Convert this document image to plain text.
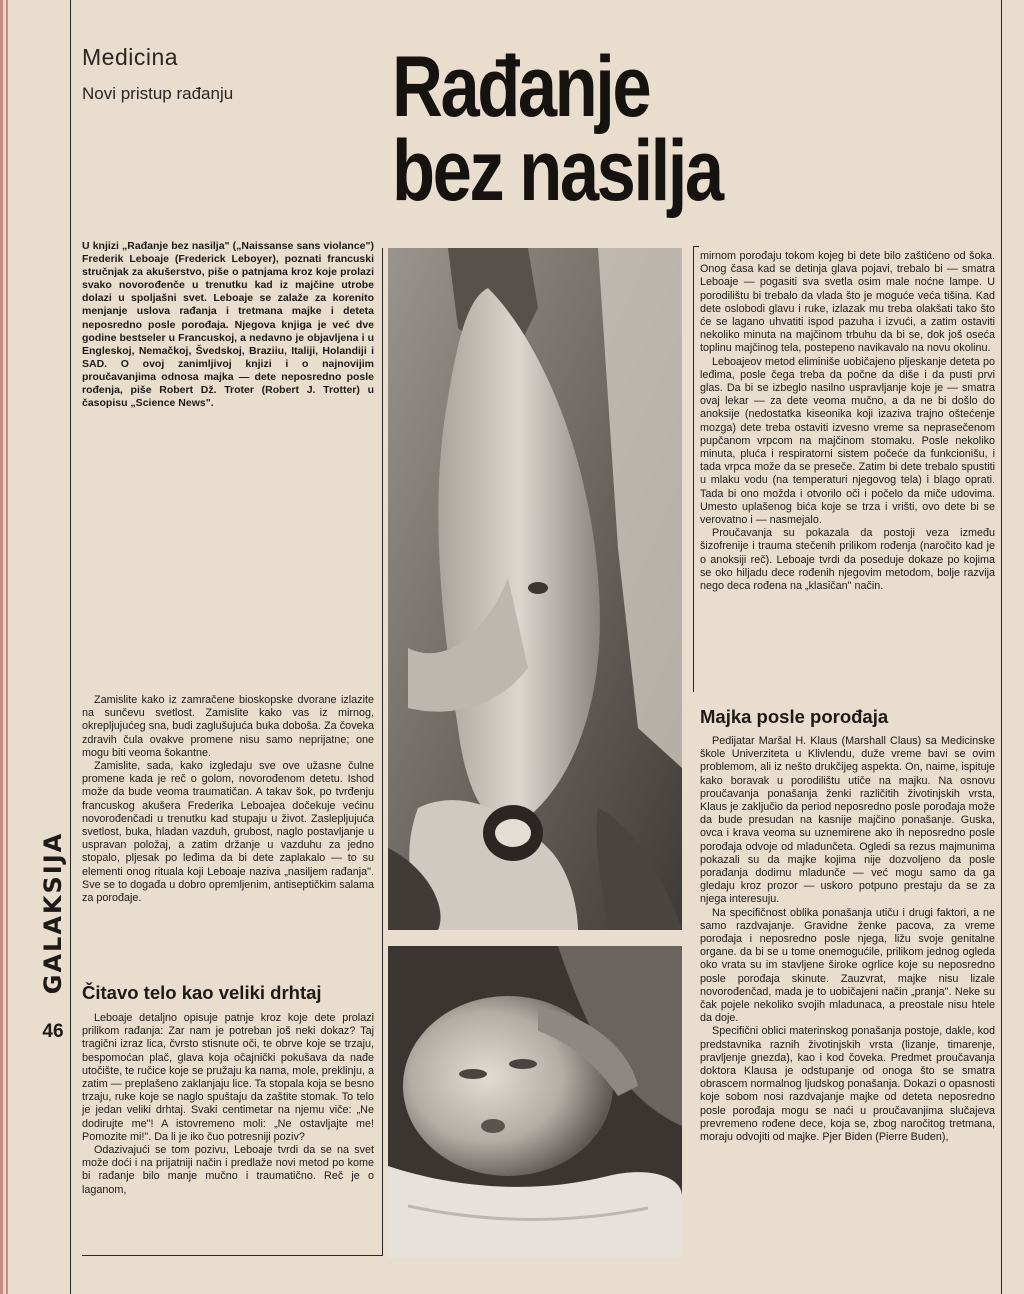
Medicina
Novi pristup rađanju Rađanje
bez nasilja

U knjizi „Rađanje bez nasilja" („Naissanse sans violance") Frederik Leboaje (Frederick Leboyer), poznati francuski stručnjak za akušerstvo, piše o patnjama kroz koje prolazi svako novorođenče u trenutku kad iz majčine utrobe dolazi u spoljašni svet. Leboaje se zalaže za korenito menjanje uslova rađanja i tretmana majke i deteta neposredno posle porođaja. Njegova knjiga je već dve godine bestseler u Francuskoj, a nedavno je objavljena i u Engleskoj, Nemačkoj, Švedskoj, Braziiu, Italiji, Holandiji i SAD. O ovoj zanimljivoj knjizi i o najnovijim proučavanjima odnosa majka — dete neposredno posle rođenja, piše Robert Dž. Troter (Robert J. Trotter) u časopisu „Science News".

Zamislite kako iz zamračene bioskopske dvorane izlazite na sunčevu svetlost. Zamislite kako vas iz mirnog, okrepljujućeg sna, budi zaglušujuća buka doboša. Za čoveka zdravih čula ovakve promene nisu samo neprijatne; one mogu biti veoma šokantne.

Zamislite, sada, kako izgledaju sve ove užasne čulne promene kada je reč o golom, novorođenom detetu. Ishod može da bude veoma traumatičan. A takav šok, po tvrđenju francuskog akušera Frederika Leboajea dočekuje većinu novorođenčadi u trenutku kad stupaju u život. Zaslepljujuća svetlost, buka, hladan vazduh, grubost, naglo postavljanje u uspravan položaj, a zatim držanje u vazduhu za jedno stopalo, pljesak po leđima da bi dete zaplakalo — to su elementi onog rituala koji Leboaje naziva „nasiljem rađanja". Sve se to događa u dobro opremljenim, antiseptičkim salama za porođaje.

Čitavo telo kao veliki drhtaj

Leboaje detaljno opisuje patnje kroz koje dete prolazi prilikom rađanja: Zar nam je potreban još neki dokaz? Taj tragični izraz lica, čvrsto stisnute oči, te obrve koje se trzaju, bespomoćan plač, glava koja očajnički pokušava da nađe utočište, te ručice koje se pružaju ka nama, mole, preklinju, a zatim — preplašeno zaklanjaju lice. Ta stopala koja se besno trzaju, ruke koje se naglo spuštaju da zaštite stomak. To telo je jedan veliki drhtaj. Svaki centimetar na njemu viče: „Ne dodirujte me"! A istovremeno moli: „Ne ostavljajte me! Pomozite mi!". Da li je iko čuo potresniji poziv?

Odazivajući se tom pozivu, Leboaje tvrdi da se na svet može doći i na prijatniji način i predlaže novi metod po kome bi rađanje bilo manje mučno i traumatično. Reč je o laganom,

mirnom porođaju tokom kojeg bi dete bilo zaštićeno od šoka. Onog časa kad se detinja glava pojavi, trebalo bi — smatra Leboaje — pogasiti sva svetla osim male noćne lampe. U porodilištu bi trebalo da vlada što je moguće veća tišina. Kad dete oslobodi glavu i ruke, izlazak mu treba olakšati tako što će se lagano uhvatiti ispod pazuha i izvući, a zatim ostaviti nekoliko minuta na majčinom trbuhu da bi se, dok još oseća toplinu majčinog tela, postepeno navikavalo na novu okolinu.

Leboajeov metod eliminiše uobičajeno pljeskanje deteta po leđima, posle čega treba da počne da diše i da pusti prvi glas. Da bi se izbeglo nasilno uspravljanje koje je — smatra ovaj lekar — za dete veoma mučno, a da ne bi došlo do anoksije (nedostatka kiseonika koji izaziva trajno oštećenje mozga) dete treba ostaviti izvesno vreme sa neprasečenom pupčanom vrpcom na majčinom stomaku. Posle nekoliko minuta, pluća i respiratorni sistem počeće da funkcionišu, i tada vrpca može da se preseče. Zatim bi dete trebalo spustiti u mlaku vodu (na temperaturi njegovog tela) i blago oprati. Tada bi ono možda i otvorilo oči i počelo da miče udovima. Umesto uplašenog bića koje se trza i vrišti, ovo dete bi se verovatno i — nasmejalo.

Proučavanja su pokazala da postoji veza između šizofrenije i trauma stečenih prilikom rođenja (naročito kad je o anoksiji reč). Leboaje tvrdi da poseduje dokaze po kojima se oko hiljadu dece rođenih njegovim metodom, bolje razvija nego deca rođena na „klasičan" način.

Majka posle porođaja

Pedijatar Maršal H. Klaus (Marshall Claus) sa Medicinske škole Univerziteta u Klivlendu, duže vreme bavi se ovim problemom, ali iz nešto drukčijeg aspekta. On, naime, ispituje kako boravak u porodilištu utiče na majku. Na osnovu proučavanja ponašanja ženki različitih životinjskih vrsta, Klaus je zaključio da period neposredno posle porođaja može da bude presudan na kasnije majčino ponašanje. Guska, ovca i krava veoma su uznemirene ako ih neposredno posle porođaja odvoje od mladunčeta. Ogledi sa rezus majmunima pokazali su da majke kojima nije dozvoljeno da posle porađanja dodirnu mladunče — već mogu samo da ga gledaju kroz prozor — uskoro potpuno prestaju da se za njega interesuju.

Na specifičnost oblika ponašanja utiču i drugi faktori, a ne samo razdvajanje. Gravidne ženke pacova, za vreme porođaja i neposredno posle njega, ližu svoje genitalne organe. da bi se u tome onemogućile, prilikom jednog ogleda oko vrata su im stavljene široke ogrlice koje su neposredno posle porođaja skinute. Zauzvrat, majke nisu lizale novorođenčad, mada je to uobičajeni način „pranja". Neke su čak pojele nekoliko svojih mladunaca, a preostale nisu htele da doje.

Specifični oblici materinskog ponašanja postoje, dakle, kod predstavnika raznih životinjskih vrsta (lizanje, timarenje, pravljenje gnezda), kao i kod čoveka. Predmet proučavanja doktora Klausa je odstupanje od onoga što se smatra obrascem normalnog ljudskog ponašanja. Dokazi o opasnosti koje sobom nosi razdvajanje majke od deteta neposredno posle porođaja mogu se naći u proučavanjima slučajeva prevremeno rođene dece, koja se, zbog naročitog tretmana, moraju odvojiti od majke. Pjer Biden (Pierre Buden),

GALAKSIJA
46
